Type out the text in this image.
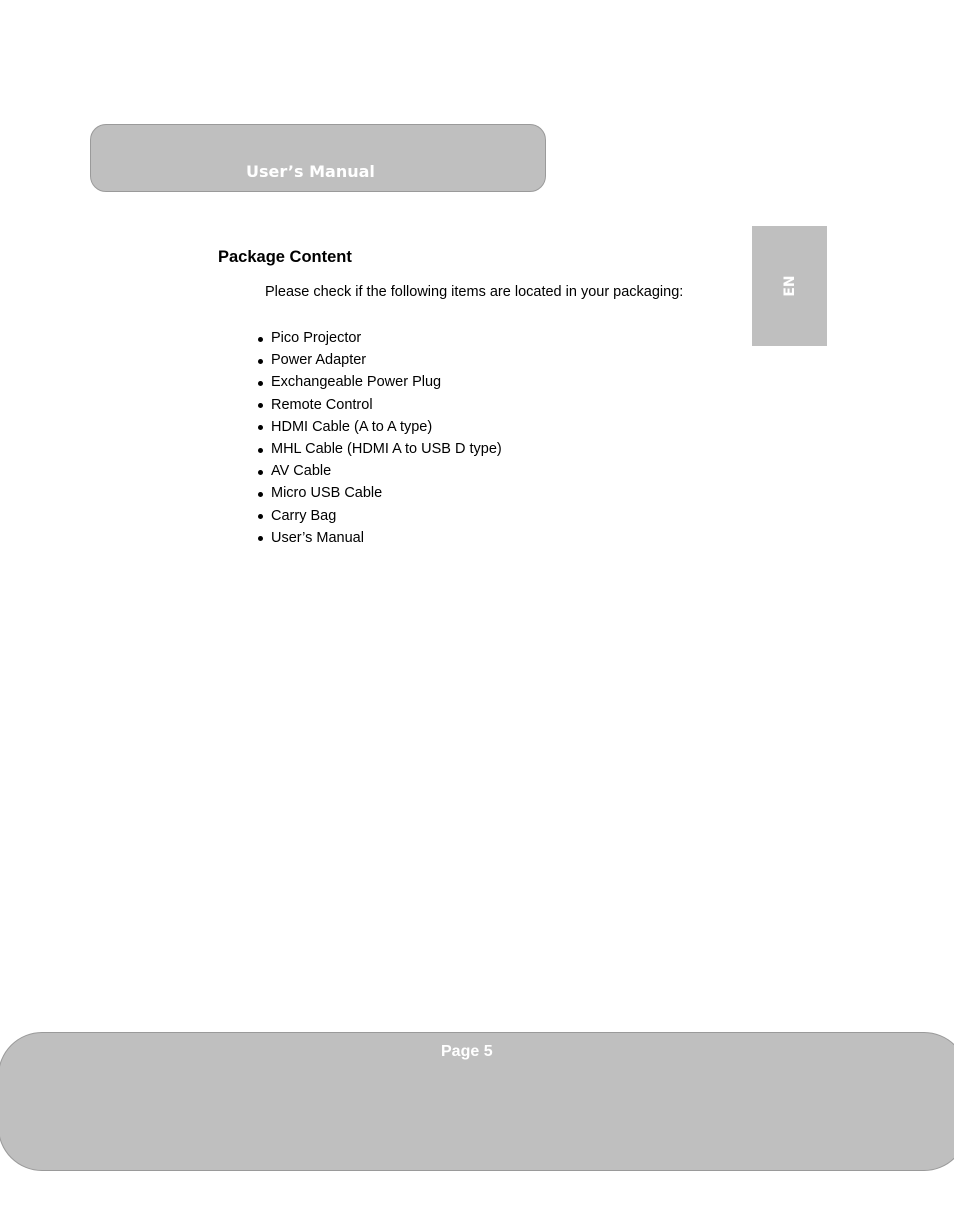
User’s Manual
EN
Package Content
Please check if the following items are located in your packaging:
Pico Projector
Power Adapter
Exchangeable Power Plug
Remote Control
HDMI Cable (A to A type)
MHL Cable (HDMI A to USB D type)
AV Cable
Micro USB Cable
Carry Bag
User’s Manual
Page 5
